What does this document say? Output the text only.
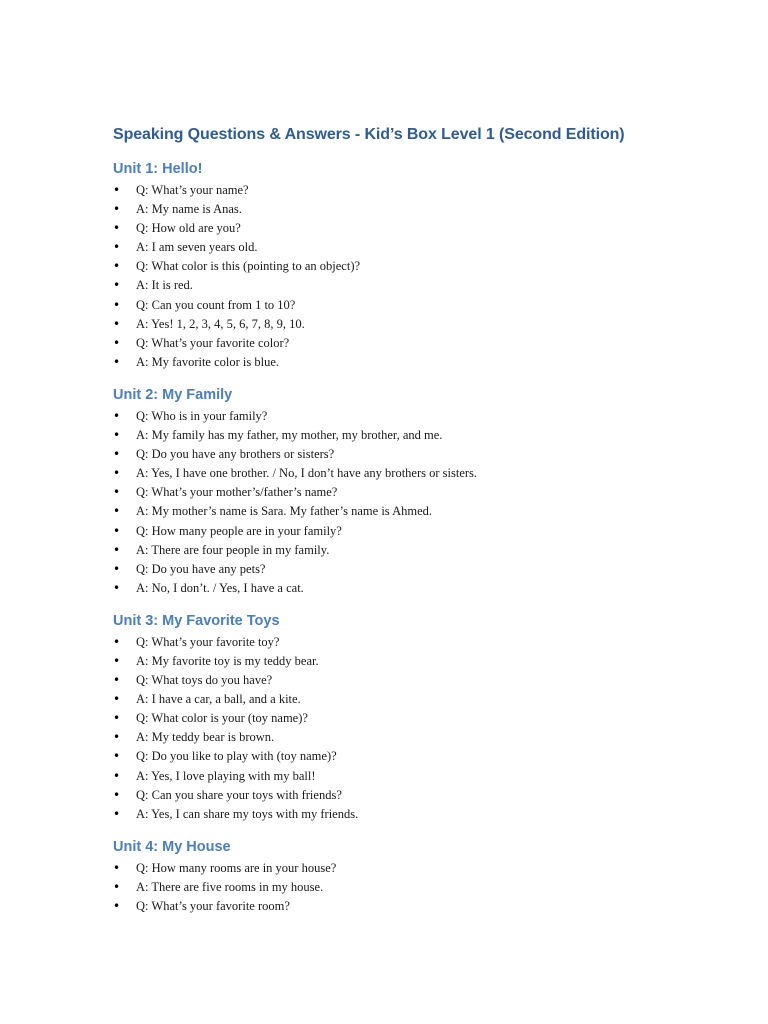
Speaking Questions & Answers - Kid’s Box Level 1 (Second Edition)
Unit 1: Hello!
• Q: What’s your name?
• A: My name is Anas.
• Q: How old are you?
• A: I am seven years old.
• Q: What color is this (pointing to an object)?
• A: It is red.
• Q: Can you count from 1 to 10?
• A: Yes! 1, 2, 3, 4, 5, 6, 7, 8, 9, 10.
• Q: What’s your favorite color?
• A: My favorite color is blue.
Unit 2: My Family
• Q: Who is in your family?
• A: My family has my father, my mother, my brother, and me.
• Q: Do you have any brothers or sisters?
• A: Yes, I have one brother. / No, I don’t have any brothers or sisters.
• Q: What’s your mother’s/father’s name?
• A: My mother’s name is Sara. My father’s name is Ahmed.
• Q: How many people are in your family?
• A: There are four people in my family.
• Q: Do you have any pets?
• A: No, I don’t. / Yes, I have a cat.
Unit 3: My Favorite Toys
• Q: What’s your favorite toy?
• A: My favorite toy is my teddy bear.
• Q: What toys do you have?
• A: I have a car, a ball, and a kite.
• Q: What color is your (toy name)?
• A: My teddy bear is brown.
• Q: Do you like to play with (toy name)?
• A: Yes, I love playing with my ball!
• Q: Can you share your toys with friends?
• A: Yes, I can share my toys with my friends.
Unit 4: My House
• Q: How many rooms are in your house?
• A: There are five rooms in my house.
• Q: What’s your favorite room?
